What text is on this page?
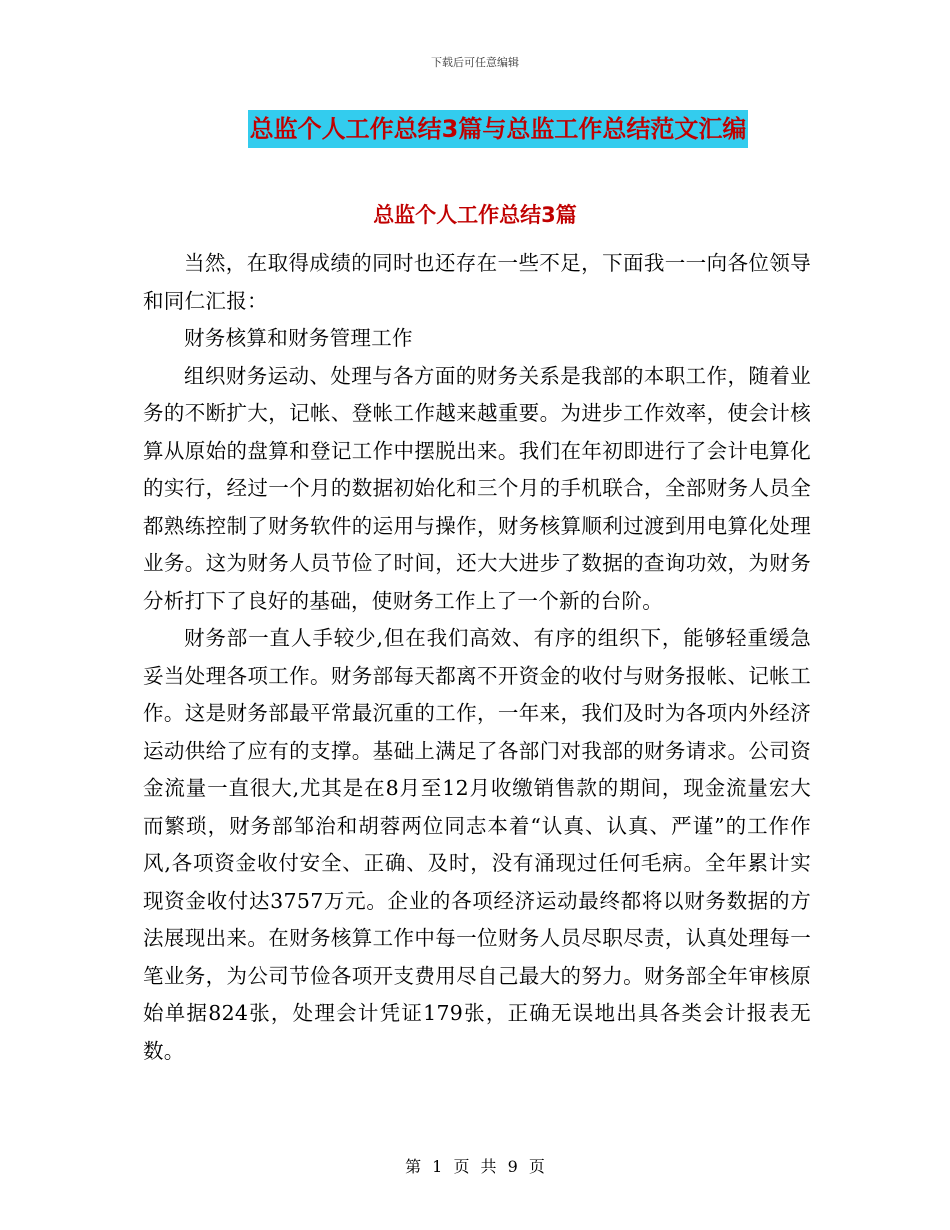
下载后可任意编辑
总监个人工作总结3篇与总监工作总结范文汇编
总监个人工作总结3篇

当然，在取得成绩的同时也还存在一些不足，下面我一一向各位领导和同仁汇报：

财务核算和财务管理工作

组织财务运动、处理与各方面的财务关系是我部的本职工作，随着业务的不断扩大，记帐、登帐工作越来越重要。为进步工作效率，使会计核算从原始的盘算和登记工作中摆脱出来。我们在年初即进行了会计电算化的实行，经过一个月的数据初始化和三个月的手机联合，全部财务人员全都熟练控制了财务软件的运用与操作，财务核算顺利过渡到用电算化处理业务。这为财务人员节俭了时间，还大大进步了数据的查询功效，为财务分析打下了良好的基础，使财务工作上了一个新的台阶。

财务部一直人手较少,但在我们高效、有序的组织下，能够轻重缓急妥当处理各项工作。财务部每天都离不开资金的收付与财务报帐、记帐工作。这是财务部最平常最沉重的工作，一年来，我们及时为各项内外经济运动供给了应有的支撑。基础上满足了各部门对我部的财务请求。公司资金流量一直很大,尤其是在8月至12月收缴销售款的期间，现金流量宏大而繁琐，财务部邹治和胡蓉两位同志本着“认真、认真、严谨”的工作作风,各项资金收付安全、正确、及时，没有涌现过任何毛病。全年累计实现资金收付达3757万元。企业的各项经济运动最终都将以财务数据的方法展现出来。在财务核算工作中每一位财务人员尽职尽责，认真处理每一笔业务，为公司节俭各项开支费用尽自己最大的努力。财务部全年审核原始单据824张，处理会计凭证179张，正确无误地出具各类会计报表无数。

第 1 页 共 9 页
